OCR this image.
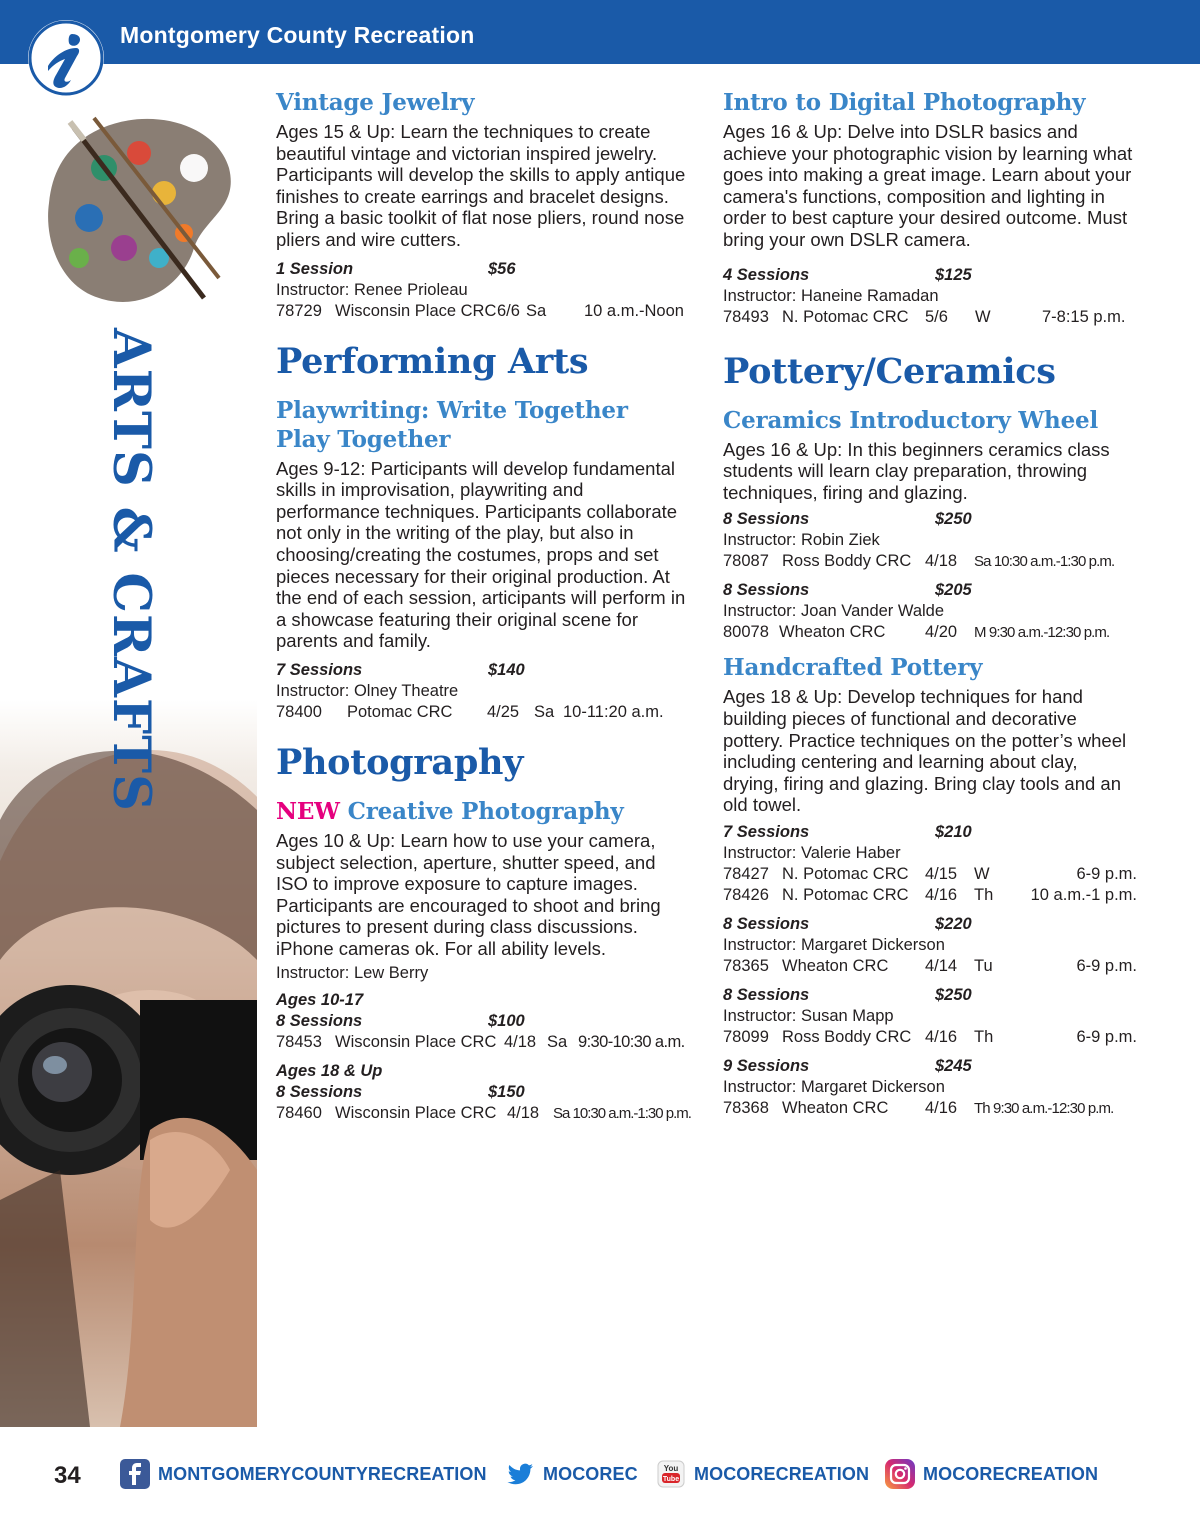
Montgomery County Recreation
ARTS & CRAFTS
Vintage Jewelry
Ages 15 & Up: Learn the techniques to create beautiful vintage and victorian inspired jewelry. Participants will develop the skills to apply antique finishes to create earrings and bracelet designs. Bring a basic toolkit of flat nose pliers, round nose pliers and wire cutters.
1 Session	$56
Instructor: Renee Prioleau
78729 Wisconsin Place CRC 6/6 Sa 10 a.m.-Noon
Performing Arts
Playwriting: Write Together
Play Together
Ages 9-12: Participants will develop fundamental skills in improvisation, playwriting and performance techniques. Participants collaborate not only in the writing of the play, but also in choosing/creating the costumes, props and set pieces necessary for their original production. At the end of each session, articipants will perform in a showcase featuring their original scene for parents and family.
7 Sessions	$140
Instructor: Olney Theatre
78400 Potomac CRC 4/25 Sa 10-11:20 a.m.
Photography
NEW Creative Photography
Ages 10 & Up: Learn how to use your camera, subject selection, aperture, shutter speed, and ISO to improve exposure to capture images. Participants are encouraged to shoot and bring pictures to present during class discussions. iPhone cameras ok. For all ability levels.
Instructor: Lew Berry
Ages 10-17
8 Sessions	$100
78453 Wisconsin Place CRC 4/18 Sa 9:30-10:30 a.m.
Ages 18 & Up
8 Sessions	$150
78460 Wisconsin Place CRC 4/18 Sa 10:30 a.m.-1:30 p.m.
Intro to Digital Photography
Ages 16 & Up: Delve into DSLR basics and achieve your photographic vision by learning what goes into making a great image. Learn about your camera's functions, composition and lighting in order to best capture your desired outcome. Must bring your own DSLR camera.
4 Sessions	$125
Instructor: Haneine Ramadan
78493 N. Potomac CRC 5/6 W	7-8:15 p.m.
Pottery/Ceramics
Ceramics Introductory Wheel
Ages 16 & Up: In this beginners ceramics class students will learn clay preparation, throwing techniques, firing and glazing.
8 Sessions	$250
Instructor: Robin Ziek
78087 Ross Boddy CRC 4/18 Sa 10:30 a.m.-1:30 p.m.
8 Sessions	$205
Instructor: Joan Vander Walde
80078 Wheaton CRC 4/20 M 9:30 a.m.-12:30 p.m.
Handcrafted Pottery
Ages 18 & Up: Develop techniques for hand building pieces of functional and decorative pottery. Practice techniques on the potter’s wheel including centering and learning about clay, drying, firing and glazing. Bring clay tools and an old towel.
7 Sessions	$210
Instructor: Valerie Haber
78427 N. Potomac CRC 4/15 W	6-9 p.m.
78426 N. Potomac CRC 4/16 Th 10 a.m.-1 p.m.
8 Sessions	$220
Instructor: Margaret Dickerson
78365 Wheaton CRC 4/14 Tu	6-9 p.m.
8 Sessions	$250
Instructor: Susan Mapp
78099 Ross Boddy CRC 4/16 Th	6-9 p.m.
9 Sessions	$245
Instructor: Margaret Dickerson
78368 Wheaton CRC 4/16 Th 9:30 a.m.-12:30 p.m.
34	MONTGOMERYCOUNTYRECREATION	MOCOREC	You
Tube MOCORECREATION	MOCORECREATION
